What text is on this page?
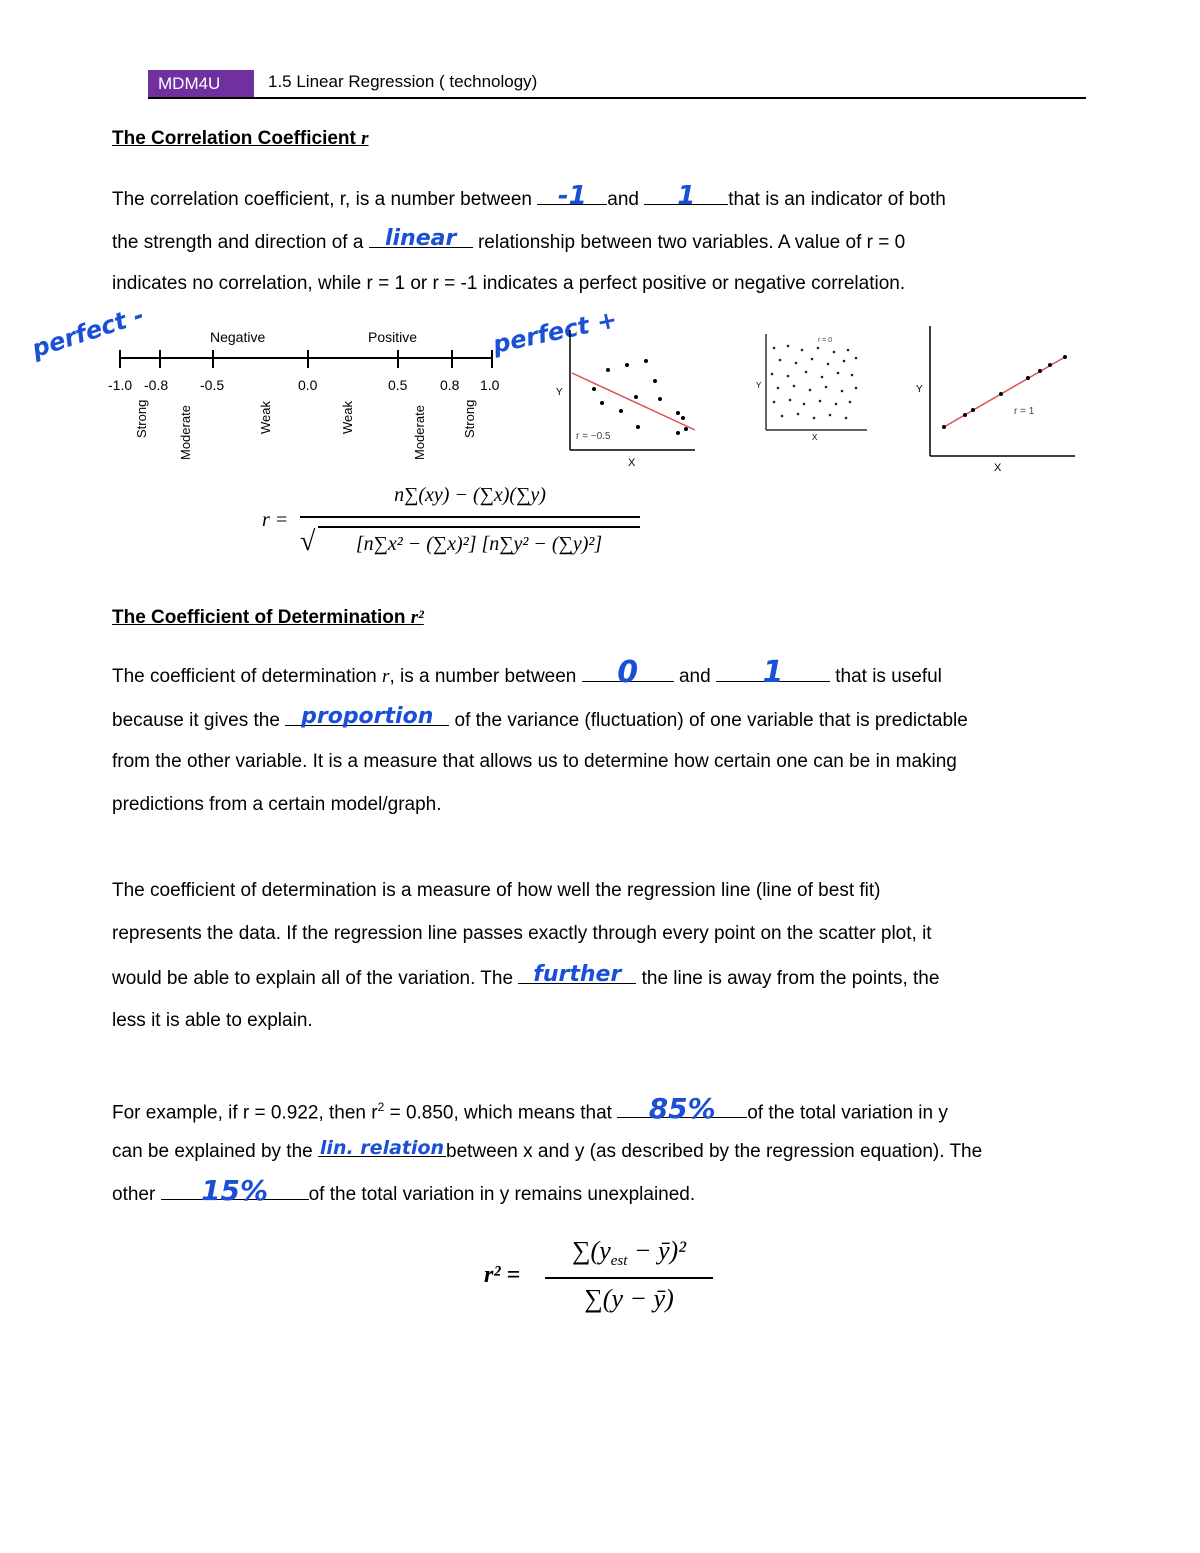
MDM4U	1.5 Linear Regression ( technology)
The Correlation Coefficient r
The correlation coefficient, r, is a number between -1 and 1 that is an indicator of both
the strength and direction of a linear relationship between two variables. A value of r = 0
indicates no correlation, while r = 1 or r = -1 indicates a perfect positive or negative correlation.
perfect -	perfect +
Negative	Positive
-1.0 -0.8 -0.5	0.0	0.5 0.8 1.0
Strong Moderate	Weak	Weak	Moderate	Strong
Y
X
r = −0.5
Y
X
r = 0
Y
X
r = 1
r =
n∑(xy) − (∑x)(∑y)
√	[n∑x² − (∑x)²] [n∑y² − (∑y)²]
The Coefficient of Determination r²
The coefficient of determination r, is a number between 0 and 1	that is useful
because it gives the proportion of the variance (fluctuation) of one variable that is predictable
from the other variable. It is a measure that allows us to determine how certain one can be in making
predictions from a certain model/graph.
The coefficient of determination is a measure of how well the regression line (line of best fit)
represents the data. If the regression line passes exactly through every point on the scatter plot, it
would be able to explain all of the variation. The further the line is away from the points, the
less it is able to explain.
For example, if r = 0.922, then $r^2 = 0.850$, which means that 85% of the total variation in y
can be explained by the lin. relation between x and y (as described by the regression equation). The
other 15% of the total variation in y remains unexplained.
r² =
$\sum(y_{est}$ − ȳ)²
∑(y − ȳ)
